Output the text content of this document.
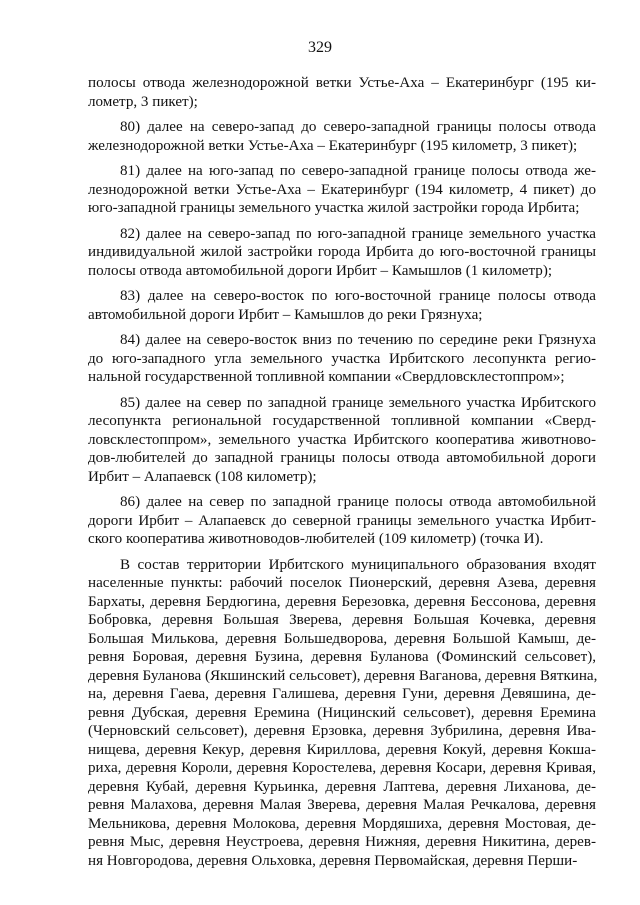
329
полосы отвода железнодорожной ветки Устье-Аха – Екатеринбург (195 ки-
лометр, 3 пикет);
80) далее на северо-запад до северо-западной границы полосы отвода
железнодорожной ветки Устье-Аха – Екатеринбург (195 километр, 3 пикет);
81) далее на юго-запад по северо-западной границе полосы отвода же-
лезнодорожной ветки Устье-Аха – Екатеринбург (194 километр, 4 пикет) до
юго-западной границы земельного участка жилой застройки города Ирбита;
82) далее на северо-запад по юго-западной границе земельного участка
индивидуальной жилой застройки города Ирбита до юго-восточной границы
полосы отвода автомобильной дороги Ирбит – Камышлов (1 километр);
83) далее на северо-восток по юго-восточной границе полосы отвода
автомобильной дороги Ирбит – Камышлов до реки Грязнуха;
84) далее на северо-восток вниз по течению по середине реки Грязнуха
до юго-западного угла земельного участка Ирбитского лесопункта регио-
нальной государственной топливной компании «Свердловсклестоппром»;
85) далее на север по западной границе земельного участка Ирбитского
лесопункта региональной государственной топливной компании «Сверд-
ловсклестоппром», земельного участка Ирбитского кооператива животново-
дов-любителей до западной границы полосы отвода автомобильной дороги
Ирбит – Алапаевск (108 километр);
86) далее на север по западной границе полосы отвода автомобильной
дороги Ирбит – Алапаевск до северной границы земельного участка Ирбит-
ского кооператива животноводов-любителей (109 километр) (точка И).
В состав территории Ирбитского муниципального образования входят
населенные пункты: рабочий поселок Пионерский, деревня Азева, деревня
Бархаты, деревня Бердюгина, деревня Березовка, деревня Бессонова, деревня
Бобровка, деревня Большая Зверева, деревня Большая Кочевка, деревня
Большая Милькова, деревня Большедворова, деревня Большой Камыш, де-
ревня Боровая, деревня Бузина, деревня Буланова (Фоминский сельсовет),
деревня Буланова (Якшинский сельсовет), деревня Ваганова, деревня Вяткина,
на, деревня Гаева, деревня Галишева, деревня Гуни, деревня Девяшина, де-
ревня Дубская, деревня Еремина (Ницинский сельсовет), деревня Еремина
(Черновский сельсовет), деревня Ерзовка, деревня Зубрилина, деревня Ива-
нищева, деревня Кекур, деревня Кириллова, деревня Кокуй, деревня Кокша-
риха, деревня Короли, деревня Коростелева, деревня Косари, деревня Кривая,
деревня Кубай, деревня Курьинка, деревня Лаптева, деревня Лиханова, де-
ревня Малахова, деревня Малая Зверева, деревня Малая Речкалова, деревня
Мельникова, деревня Молокова, деревня Мордяшиха, деревня Мостовая, де-
ревня Мыс, деревня Неустроева, деревня Нижняя, деревня Никитина, дерев-
ня Новгородова, деревня Ольховка, деревня Первомайская, деревня Перши-
